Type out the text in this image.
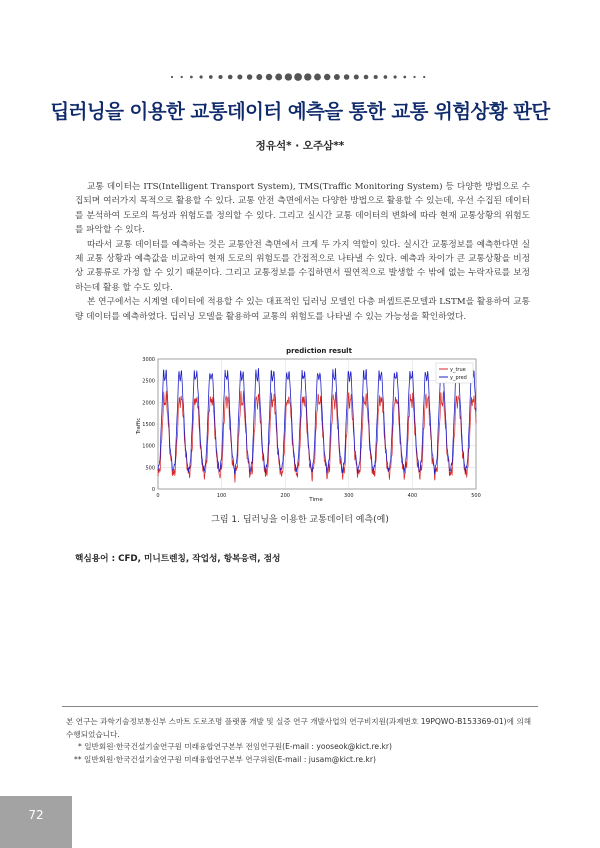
딥러닝을 이용한 교통데이터 예측을 통한 교통 위험상황 판단
정유석* · 오주삼**

교통 데이터는 ITS(Intelligent Transport System), TMS(Traffic Monitoring System) 등 다양한 방법으로 수집되며 여러가지 목적으로 활용할 수 있다. 교통 안전 측면에서는 다양한 방법으로 활용할 수 있는데, 우선 수집된 데이터를 분석하여 도로의 특성과 위험도를 정의할 수 있다. 그리고 실시간 교통 데이터의 변화에 따라 현재 교통상황의 위험도를 파악할 수 있다.

따라서 교통 데이터를 예측하는 것은 교통안전 측면에서 크게 두 가지 역할이 있다. 실시간 교통정보를 예측한다면 실제 교통 상황과 예측값을 비교하여 현재 도로의 위험도를 간접적으로 나타낼 수 있다. 예측과 차이가 큰 교통상황을 비정상 교통류로 가정 할 수 있기 때문이다. 그리고 교통정보를 수집하면서 필연적으로 발생할 수 밖에 없는 누락자료를 보정하는데 활용 할 수도 있다.

본 연구에서는 시계열 데이터에 적용할 수 있는 대표적인 딥러닝 모델인 다층 퍼셉트론모델과 LSTM을 활용하여 교통량 데이터를 예측하였다. 딥러닝 모델을 활용하여 교통의 위험도를 나타낼 수 있는 가능성을 확인하였다.

prediction result
Traffic
Time
0
500
1000
1500
2000
2500
3000
0	100	200	300	400	500
y_true
y_pred
그림 1. 딥러닝을 이용한 교통데이터 예측(예)
핵심용어 : CFD, 미니트렌칭, 작업성, 항복응력, 점성
본 연구는 과학기술정보통신부 스마트 도로조명 플랫폼 개발 및 실증 연구 개발사업의 연구비지원(과제번호 19PQWO-B153369-01)에 의해 수행되었습니다.
* 일반회원·한국건설기술연구원 미래융합연구본부 전임연구원(E-mail : yooseok@kict.re.kr)
** 일반회원·한국건설기술연구원 미래융합연구본부 연구위원(E-mail : jusam@kict.re.kr)
72
